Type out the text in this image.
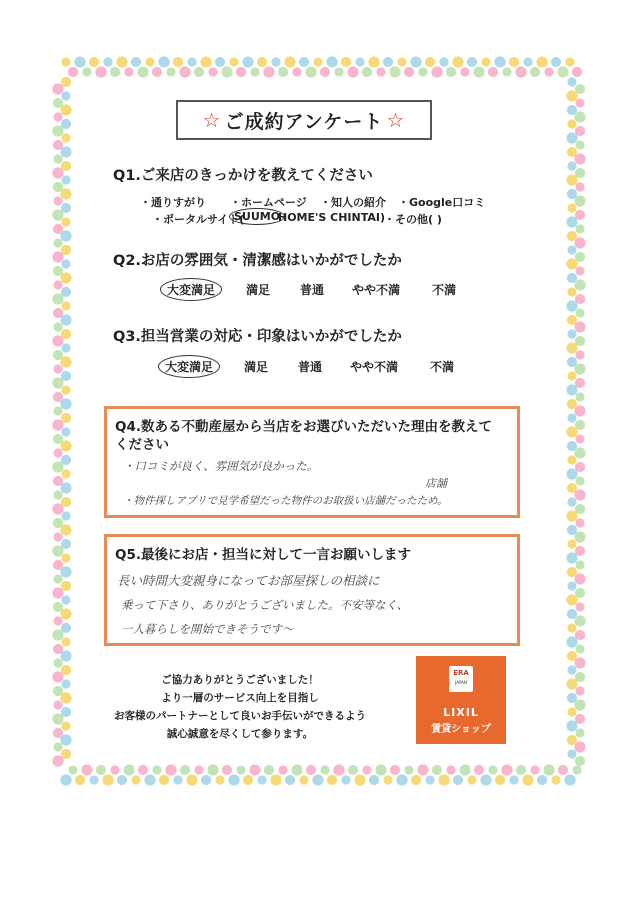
☆ ご成約アンケート ☆
Q1.ご来店のきっかけを教えてください
・通りすがり ・ホームページ ・知人の紹介 ・Google口コミ
・ポータルサイト(
SUUMO
HOME'S CHINTAI) ・その他( )
Q2.お店の雰囲気・清潔感はいかがでしたか
大変満足	満足 普通 やや不満	不満
Q3.担当営業の対応・印象はいかがでしたか
大変満足	満足 普通 やや不満	不満
Q4.数ある不動産屋から当店をお選びいただいた理由を教えて
ください
・口コミが良く、雰囲気が良かった。
店舗
・物件探しアプリで見学希望だった物件のお取扱い店舗だったため。
Q5.最後にお店・担当に対して一言お願いします
長い時間大変親身になってお部屋探しの相談に
乗って下さり、ありがとうございました。不安等なく、
一人暮らしを開始できそうです〜
ご協力ありがとうございました！
より一層のサービス向上を目指し
お客様のパートナーとして良いお手伝いができるよう
誠心誠意を尽くして参ります。
ERA
JAPAN
LIXIL
賃貸ショップ
